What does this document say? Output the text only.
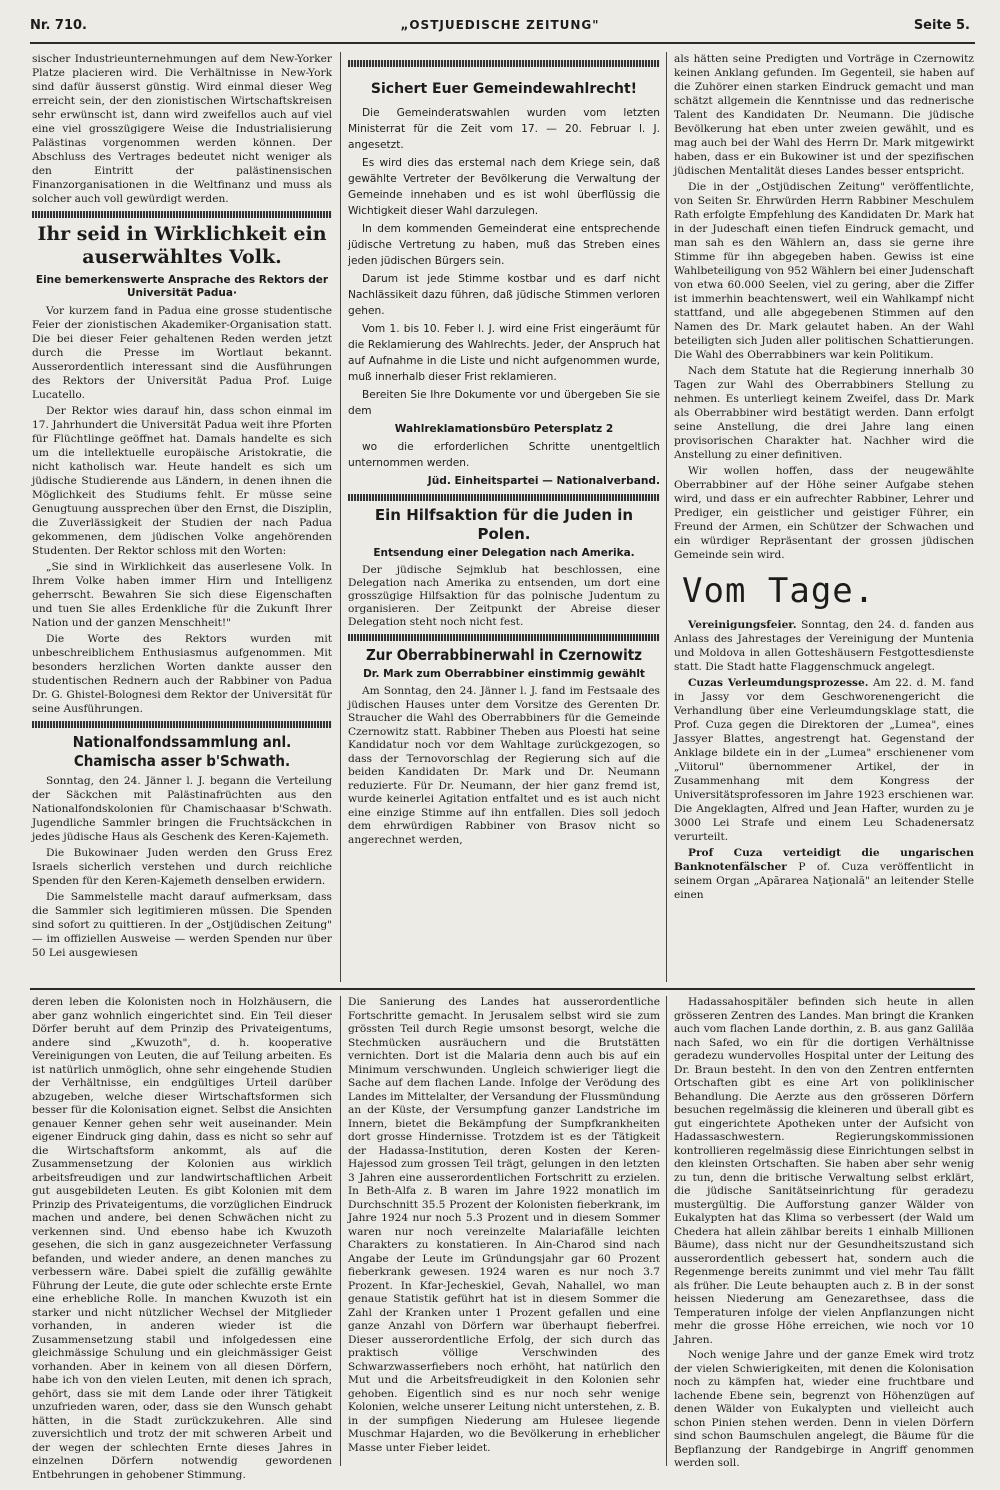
Nr. 710.	„OSTJUEDISCHE ZEITUNG"	Seite 5.

sischer Industrieunternehmungen auf dem New-Yorker Platze placieren wird. Die Verhältnisse in New-York sind dafür äusserst günstig. Wird einmal dieser Weg erreicht sein, der den zionistischen Wirtschaftskreisen sehr erwünscht ist, dann wird zweifellos auch auf viel eine viel grosszügigere Weise die Industrialisierung Palästinas vorgenommen werden können. Der Abschluss des Vertrages bedeutet nicht weniger als den Eintritt der palästinensischen Finanzorganisationen in die Weltfinanz und muss als solcher auch voll gewürdigt werden.

Ihr seid in Wirklichkeit ein auserwähltes Volk.
Eine bemerkenswerte Ansprache des Rektors der Universität Padua·

Vor kurzem fand in Padua eine grosse studentische Feier der zionistischen Akademiker-Organisation statt. Die bei dieser Feier gehaltenen Reden werden jetzt durch die Presse im Wortlaut bekannt. Ausserordentlich interessant sind die Ausführungen des Rektors der Universität Padua Prof. Luige Lucatello.

Der Rektor wies darauf hin, dass schon einmal im 17. Jahrhundert die Universität Padua weit ihre Pforten für Flüchtlinge geöffnet hat. Damals handelte es sich um die intellektuelle europäische Aristokratie, die nicht katholisch war. Heute handelt es sich um jüdische Studierende aus Ländern, in denen ihnen die Möglichkeit des Studiums fehlt. Er müsse seine Genugtuung aussprechen über den Ernst, die Disziplin, die Zuverlässigkeit der Studien der nach Padua gekommenen, dem jüdischen Volke angehörenden Studenten. Der Rektor schloss mit den Worten:

„Sie sind in Wirklichkeit das auserlesene Volk. In Ihrem Volke haben immer Hirn und Intelligenz geherrscht. Bewahren Sie sich diese Eigenschaften und tuen Sie alles Erdenkliche für die Zukunft Ihrer Nation und der ganzen Menschheit!"

Die Worte des Rektors wurden mit unbeschreiblichem Enthusiasmus aufgenommen. Mit besonders herzlichen Worten dankte ausser den studentischen Rednern auch der Rabbiner von Padua Dr. G. Ghistel-Bolognesi dem Rektor der Universität für seine Ausführungen.

Nationalfondssammlung anl. Chamischa asser b'Schwath.

Sonntag, den 24. Jänner l. J. begann die Verteilung der Säckchen mit Palästinafrüchten aus den Nationalfondskolonien für Chamischaasar b'Schwath. Jugendliche Sammler bringen die Fruchtsäckchen in jedes jüdische Haus als Geschenk des Keren-Kajemeth.

Die Bukowinaer Juden werden den Gruss Erez Israels sicherlich verstehen und durch reichliche Spenden für den Keren-Kajemeth denselben erwidern.

Die Sammelstelle macht darauf aufmerksam, dass die Sammler sich legitimieren müssen. Die Spenden sind sofort zu quittieren. In der „Ostjüdischen Zeitung" — im offiziellen Ausweise — werden Spenden nur über 50 Lei ausgewiesen

Sichert Euer Gemeindewahlrecht!

Die Gemeinderatswahlen wurden vom letzten Ministerrat für die Zeit vom 17. — 20. Februar l. J. angesetzt.

Es wird dies das erstemal nach dem Kriege sein, daß gewählte Vertreter der Bevölkerung die Verwaltung der Gemeinde innehaben und es ist wohl überflüssig die Wichtigkeit dieser Wahl darzulegen.

In dem kommenden Gemeinderat eine entsprechende jüdische Vertretung zu haben, muß das Streben eines jeden jüdischen Bürgers sein.

Darum ist jede Stimme kostbar und es darf nicht Nachlässikeit dazu führen, daß jüdische Stimmen verloren gehen.

Vom 1. bis 10. Feber l. J. wird eine Frist eingeräumt für die Reklamierung des Wahlrechts. Jeder, der Anspruch hat auf Aufnahme in die Liste und nicht aufgenommen wurde, muß innerhalb dieser Frist reklamieren.

Bereiten Sie Ihre Dokumente vor und übergeben Sie sie dem

Wahlreklamationsbüro Petersplatz 2

wo die erforderlichen Schritte unentgeltlich unternommen werden.

Jüd. Einheitspartei — Nationalverband.

Ein Hilfsaktion für die Juden in Polen.
Entsendung einer Delegation nach Amerika.

Der jüdische Sejmklub hat beschlossen, eine Delegation nach Amerika zu entsenden, um dort eine grosszügige Hilfsaktion für das polnische Judentum zu organisieren. Der Zeitpunkt der Abreise dieser Delegation steht noch nicht fest.

Zur Oberrabbinerwahl in Czernowitz
Dr. Mark zum Oberrabbiner einstimmig gewählt

Am Sonntag, den 24. Jänner l. J. fand im Festsaale des jüdischen Hauses unter dem Vorsitze des Gerenten Dr. Straucher die Wahl des Oberrabbiners für die Gemeinde Czernowitz statt. Rabbiner Theben aus Ploesti hat seine Kandidatur noch vor dem Wahltage zurückgezogen, so dass der Ternovorschlag der Regierung sich auf die beiden Kandidaten Dr. Mark und Dr. Neumann reduzierte. Für Dr. Neumann, der hier ganz fremd ist, wurde keinerlei Agitation entfaltet und es ist auch nicht eine einzige Stimme auf ihn entfallen. Dies soll jedoch dem ehrwürdigen Rabbiner von Brasov nicht so angerechnet werden,

als hätten seine Predigten und Vorträge in Czernowitz keinen Anklang gefunden. Im Gegenteil, sie haben auf die Zuhörer einen starken Eindruck gemacht und man schätzt allgemein die Kenntnisse und das rednerische Talent des Kandidaten Dr. Neumann. Die jüdische Bevölkerung hat eben unter zweien gewählt, und es mag auch bei der Wahl des Herrn Dr. Mark mitgewirkt haben, dass er ein Bukowiner ist und der spezifischen jüdischen Mentalität dieses Landes besser entspricht.

Die in der „Ostjüdischen Zeitung" veröffentlichte, von Seiten Sr. Ehrwürden Herrn Rabbiner Meschulem Rath erfolgte Empfehlung des Kandidaten Dr. Mark hat in der Judeschaft einen tiefen Eindruck gemacht, und man sah es den Wählern an, dass sie gerne ihre Stimme für ihn abgegeben haben. Gewiss ist eine Wahlbeteiligung von 952 Wählern bei einer Judenschaft von etwa 60.000 Seelen, viel zu gering, aber die Ziffer ist immerhin beachtenswert, weil ein Wahlkampf nicht stattfand, und alle abgegebenen Stimmen auf den Namen des Dr. Mark gelautet haben. An der Wahl beteiligten sich Juden aller politischen Schattierungen. Die Wahl des Oberrabbiners war kein Politikum.

Nach dem Statute hat die Regierung innerhalb 30 Tagen zur Wahl des Oberrabbiners Stellung zu nehmen. Es unterliegt keinem Zweifel, dass Dr. Mark als Oberrabbiner wird bestätigt werden. Dann erfolgt seine Anstellung, die drei Jahre lang einen provisorischen Charakter hat. Nachher wird die Anstellung zu einer definitiven.

Wir wollen hoffen, dass der neugewählte Oberrabbiner auf der Höhe seiner Aufgabe stehen wird, und dass er ein aufrechter Rabbiner, Lehrer und Prediger, ein geistlicher und geistiger Führer, ein Freund der Armen, ein Schützer der Schwachen und ein würdiger Repräsentant der grossen jüdischen Gemeinde sein wird.

Vom Tage.

Vereinigungsfeier. Sonntag, den 24. d. fanden aus Anlass des Jahrestages der Vereinigung der Muntenia und Moldova in allen Gotteshäusern Festgottesdienste statt. Die Stadt hatte Flaggenschmuck angelegt.

Cuzas Verleumdungsprozesse. Am 22. d. M. fand in Jassy vor dem Geschworenengericht die Verhandlung über eine Verleumdungsklage statt, die Prof. Cuza gegen die Direktoren der „Lumea", eines Jassyer Blattes, angestrengt hat. Gegenstand der Anklage bildete ein in der „Lumea" erschienener vom „Viitorul" übernommener Artikel, der in Zusammenhang mit dem Kongress der Universitätsprofessoren im Jahre 1923 erschienen war. Die Angeklagten, Alfred und Jean Hafter, wurden zu je 3000 Lei Strafe und einem Leu Schadenersatz verurteilt.

Prof Cuza verteidigt die ungarischen Banknotenfälscher P of. Cuza veröffentlicht in seinem Organ „Apărarea Naţională" an leitender Stelle einen

deren leben die Kolonisten noch in Holzhäusern, die aber ganz wohnlich eingerichtet sind. Ein Teil dieser Dörfer beruht auf dem Prinzip des Privateigentums, andere sind „Kwuzoth", d. h. kooperative Vereinigungen von Leuten, die auf Teilung arbeiten. Es ist natürlich unmöglich, ohne sehr eingehende Studien der Verhältnisse, ein endgültiges Urteil darüber abzugeben, welche dieser Wirtschaftsformen sich besser für die Kolonisation eignet. Selbst die Ansichten genauer Kenner gehen sehr weit auseinander. Mein eigener Eindruck ging dahin, dass es nicht so sehr auf die Wirtschaftsform ankommt, als auf die Zusammensetzung der Kolonien aus wirklich arbeitsfreudigen und zur landwirtschaftlichen Arbeit gut ausgebildeten Leuten. Es gibt Kolonien mit dem Prinzip des Privateigentums, die vorzüglichen Eindruck machen und andere, bei denen Schwächen nicht zu verkennen sind. Und ebenso habe ich Kwuzoth gesehen, die sich in ganz ausgezeichneter Verfassung befanden, und wieder andere, an denen manches zu verbessern wäre. Dabei spielt die zufällig gewählte Führung der Leute, die gute oder schlechte erste Ernte eine erhebliche Rolle. In manchen Kwuzoth ist ein starker und nicht nützlicher Wechsel der Mitglieder vorhanden, in anderen wieder ist die Zusammensetzung stabil und infolgedessen eine gleichmässige Schulung und ein gleichmässiger Geist vorhanden. Aber in keinem von all diesen Dörfern, habe ich von den vielen Leuten, mit denen ich sprach, gehört, dass sie mit dem Lande oder ihrer Tätigkeit unzufrieden waren, oder, dass sie den Wunsch gehabt hätten, in die Stadt zurückzukehren. Alle sind zuversichtlich und trotz der mit schweren Arbeit und der wegen der schlechten Ernte dieses Jahres in einzelnen Dörfern notwendig gewordenen Entbehrungen in gehobener Stimmung.

Die Sanierung des Landes hat ausserordentliche Fortschritte gemacht. In Jerusalem selbst wird sie zum grössten Teil durch Regie umsonst besorgt, welche die Stechmücken ausräuchern und die Brutstätten vernichten. Dort ist die Malaria denn auch bis auf ein Minimum verschwunden. Ungleich schwieriger liegt die Sache auf dem flachen Lande. Infolge der Verödung des Landes im Mittelalter, der Versandung der Flussmündung an der Küste, der Versumpfung ganzer Landstriche im Innern, bietet die Bekämpfung der Sumpfkrankheiten dort grosse Hindernisse. Trotzdem ist es der Tätigkeit der Hadassa-Institution, deren Kosten der Keren-Hajessod zum grossen Teil trägt, gelungen in den letzten 3 Jahren eine ausserordentlichen Fortschritt zu erzielen. In Beth-Alfa z. B waren im Jahre 1922 monatlich im Durchschnitt 35.5 Prozent der Kolonisten fieberkrank, im Jahre 1924 nur noch 5.3 Prozent und in diesem Sommer waren nur noch vereinzelte Malariafälle leichten Charakters zu konstatieren. In Ain-Charod sind nach Angabe der Leute im Gründungsjahr gar 60 Prozent fieberkrank gewesen. 1924 waren es nur noch 3.7 Prozent. In Kfar-Jecheskiel, Gevah, Nahallel, wo man genaue Statistik geführt hat ist in diesem Sommer die Zahl der Kranken unter 1 Prozent gefallen und eine ganze Anzahl von Dörfern war überhaupt fieberfrei. Dieser ausserordentliche Erfolg, der sich durch das praktisch völlige Verschwinden des Schwarzwasserfiebers noch erhöht, hat natürlich den Mut und die Arbeitsfreudigkeit in den Kolonien sehr gehoben. Eigentlich sind es nur noch sehr wenige Kolonien, welche unserer Leitung nicht unterstehen, z. B. in der sumpfigen Niederung am Hulesee liegende Muschmar Hajarden, wo die Bevölkerung in erheblicher Masse unter Fieber leidet.

Hadassahospitäler befinden sich heute in allen grösseren Zentren des Landes. Man bringt die Kranken auch vom flachen Lande dorthin, z. B. aus ganz Galiläa nach Safed, wo ein für die dortigen Verhältnisse geradezu wundervolles Hospital unter der Leitung des Dr. Braun besteht. In den von den Zentren entfernten Ortschaften gibt es eine Art von poliklinischer Behandlung. Die Aerzte aus den grösseren Dörfern besuchen regelmässig die kleineren und überall gibt es gut eingerichtete Apotheken unter der Aufsicht von Hadassaschwestern. Regierungskommissionen kontrollieren regelmässig diese Einrichtungen selbst in den kleinsten Ortschaften. Sie haben aber sehr wenig zu tun, denn die britische Verwaltung selbst erklärt, die jüdische Sanitätseinrichtung für geradezu mustergültig. Die Aufforstung ganzer Wälder von Eukalypten hat das Klima so verbessert (der Wald um Chedera hat allein zählbar bereits 1 einhalb Millionen Bäume), dass nicht nur der Gesundheitszustand sich ausserordentlich gebessert hat, sondern auch die Regenmenge bereits zunimmt und viel mehr Tau fällt als früher. Die Leute behaupten auch z. B in der sonst heissen Niederung am Genezarethsee, dass die Temperaturen infolge der vielen Anpflanzungen nicht mehr die grosse Höhe erreichen, wie noch vor 10 Jahren.

Noch wenige Jahre und der ganze Emek wird trotz der vielen Schwierigkeiten, mit denen die Kolonisation noch zu kämpfen hat, wieder eine fruchtbare und lachende Ebene sein, begrenzt von Höhenzügen auf denen Wälder von Eukalypten und vielleicht auch schon Pinien stehen werden. Denn in vielen Dörfern sind schon Baumschulen angelegt, die Bäume für die Bepflanzung der Randgebirge in Angriff genommen werden soll.
